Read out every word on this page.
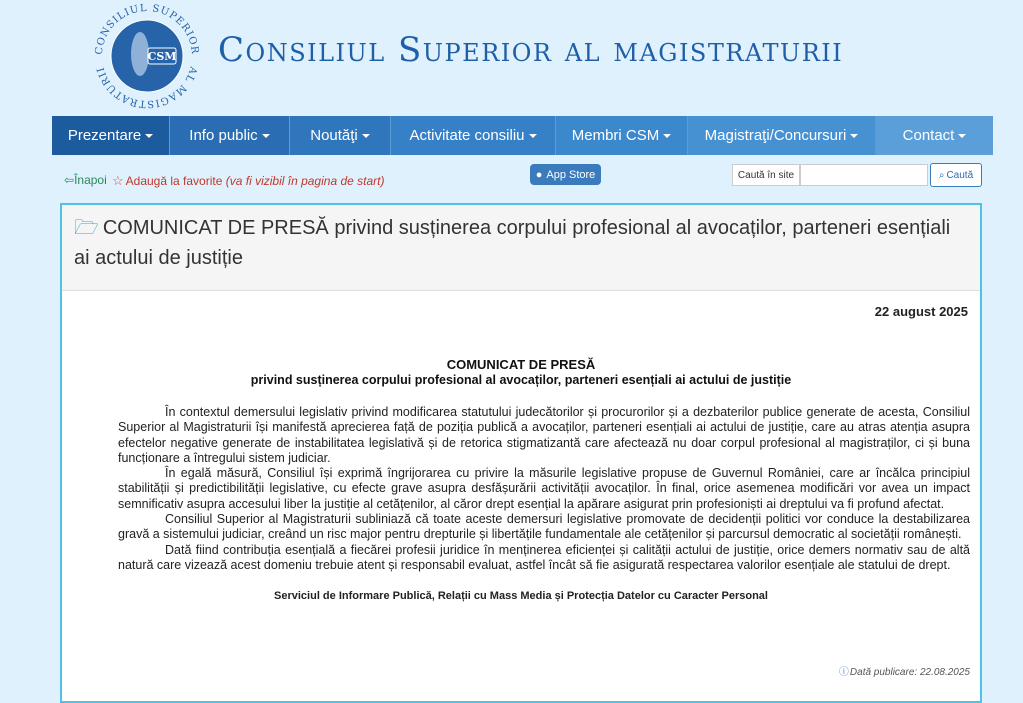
CSM
CONSILIUL SUPERIOR
AL MAGISTRATURII	Consiliul Superior al magistraturii
Prezentare	Info public	Noutăţi	Activitate consiliu	Membri CSM	Magistraţi/Concursuri	Contact
⇦Înapoi ☆ Adaugă la favorite (va fi vizibil în pagina de start)	● App Store	Caută în site	⌕ Caută
🗁 COMUNICAT DE PRESĂ privind susținerea corpului profesional al avocaților, parteneri esențiali ai actului de justiție
22 august 2025
COMUNICAT DE PRESĂ
privind susținerea corpului profesional al avocaților, parteneri esențiali ai actului de justiție

În contextul demersului legislativ privind modificarea statutului judecătorilor și procurorilor și a dezbaterilor publice generate de acesta, Consiliul Superior al Magistraturii își manifestă aprecierea față de poziția publică a avocaților, parteneri esențiali ai actului de justiție, care au atras atenția asupra efectelor negative generate de instabilitatea legislativă și de retorica stigmatizantă care afectează nu doar corpul profesional al magistraților, ci și buna funcționare a întregului sistem judiciar.

În egală măsură, Consiliul își exprimă îngrijorarea cu privire la măsurile legislative propuse de Guvernul României, care ar încălca principiul stabilității și predictibilității legislative, cu efecte grave asupra desfășurării activității avocaților. În final, orice asemenea modificări vor avea un impact semnificativ asupra accesului liber la justiție al cetățenilor, al căror drept esențial la apărare asigurat prin profesioniști ai dreptului va fi profund afectat.

Consiliul Superior al Magistraturii subliniază că toate aceste demersuri legislative promovate de decidenții politici vor conduce la destabilizarea gravă a sistemului judiciar, creând un risc major pentru drepturile și libertățile fundamentale ale cetățenilor și parcursul democratic al societății românești.

Dată fiind contribuția esențială a fiecărei profesii juridice în menținerea eficienței și calității actului de justiție, orice demers normativ sau de altă natură care vizează acest domeniu trebuie atent și responsabil evaluat, astfel încât să fie asigurată respectarea valorilor esențiale ale statului de drept.

Serviciul de Informare Publică, Relații cu Mass Media și Protecția Datelor cu Caracter Personal
ⓘDată publicare: 22.08.2025
